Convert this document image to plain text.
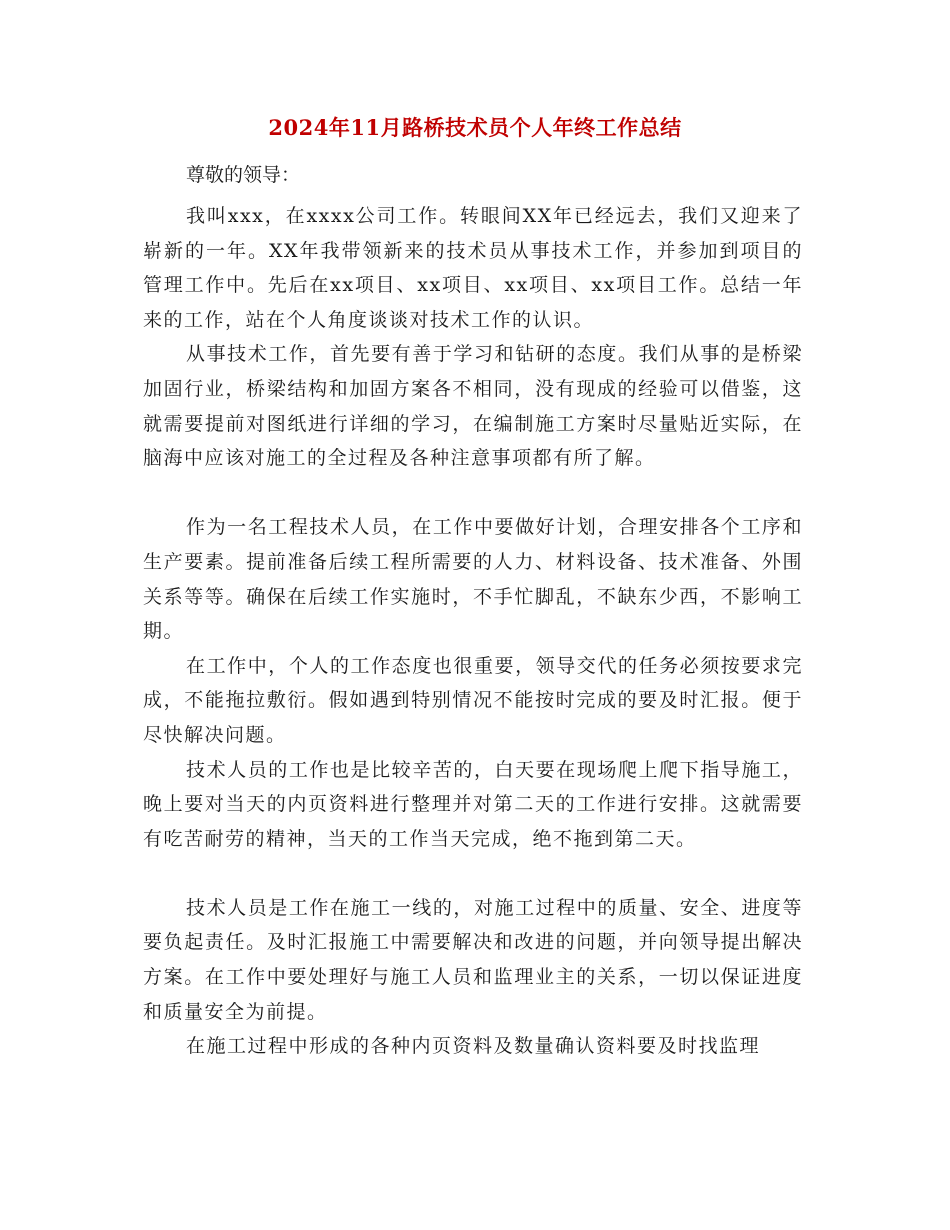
2024年11月路桥技术员个人年终工作总结
尊敬的领导：

我叫xxx，在xxxx公司工作。转眼间XX年已经远去，我们又迎来了崭新的一年。XX年我带领新来的技术员从事技术工作，并参加到项目的管理工作中。先后在xx项目、xx项目、xx项目、xx项目工作。总结一年来的工作，站在个人角度谈谈对技术工作的认识。

从事技术工作，首先要有善于学习和钻研的态度。我们从事的是桥梁加固行业，桥梁结构和加固方案各不相同，没有现成的经验可以借鉴，这就需要提前对图纸进行详细的学习，在编制施工方案时尽量贴近实际，在脑海中应该对施工的全过程及各种注意事项都有所了解。

作为一名工程技术人员，在工作中要做好计划，合理安排各个工序和生产要素。提前准备后续工程所需要的人力、材料设备、技术准备、外围关系等等。确保在后续工作实施时，不手忙脚乱，不缺东少西，不影响工期。

在工作中，个人的工作态度也很重要，领导交代的任务必须按要求完成，不能拖拉敷衍。假如遇到特别情况不能按时完成的要及时汇报。便于尽快解决问题。

技术人员的工作也是比较辛苦的，白天要在现场爬上爬下指导施工，晚上要对当天的内页资料进行整理并对第二天的工作进行安排。这就需要有吃苦耐劳的精神，当天的工作当天完成，绝不拖到第二天。

技术人员是工作在施工一线的，对施工过程中的质量、安全、进度等要负起责任。及时汇报施工中需要解决和改进的问题，并向领导提出解决方案。在工作中要处理好与施工人员和监理业主的关系，一切以保证进度和质量安全为前提。

在施工过程中形成的各种内页资料及数量确认资料要及时找监理
